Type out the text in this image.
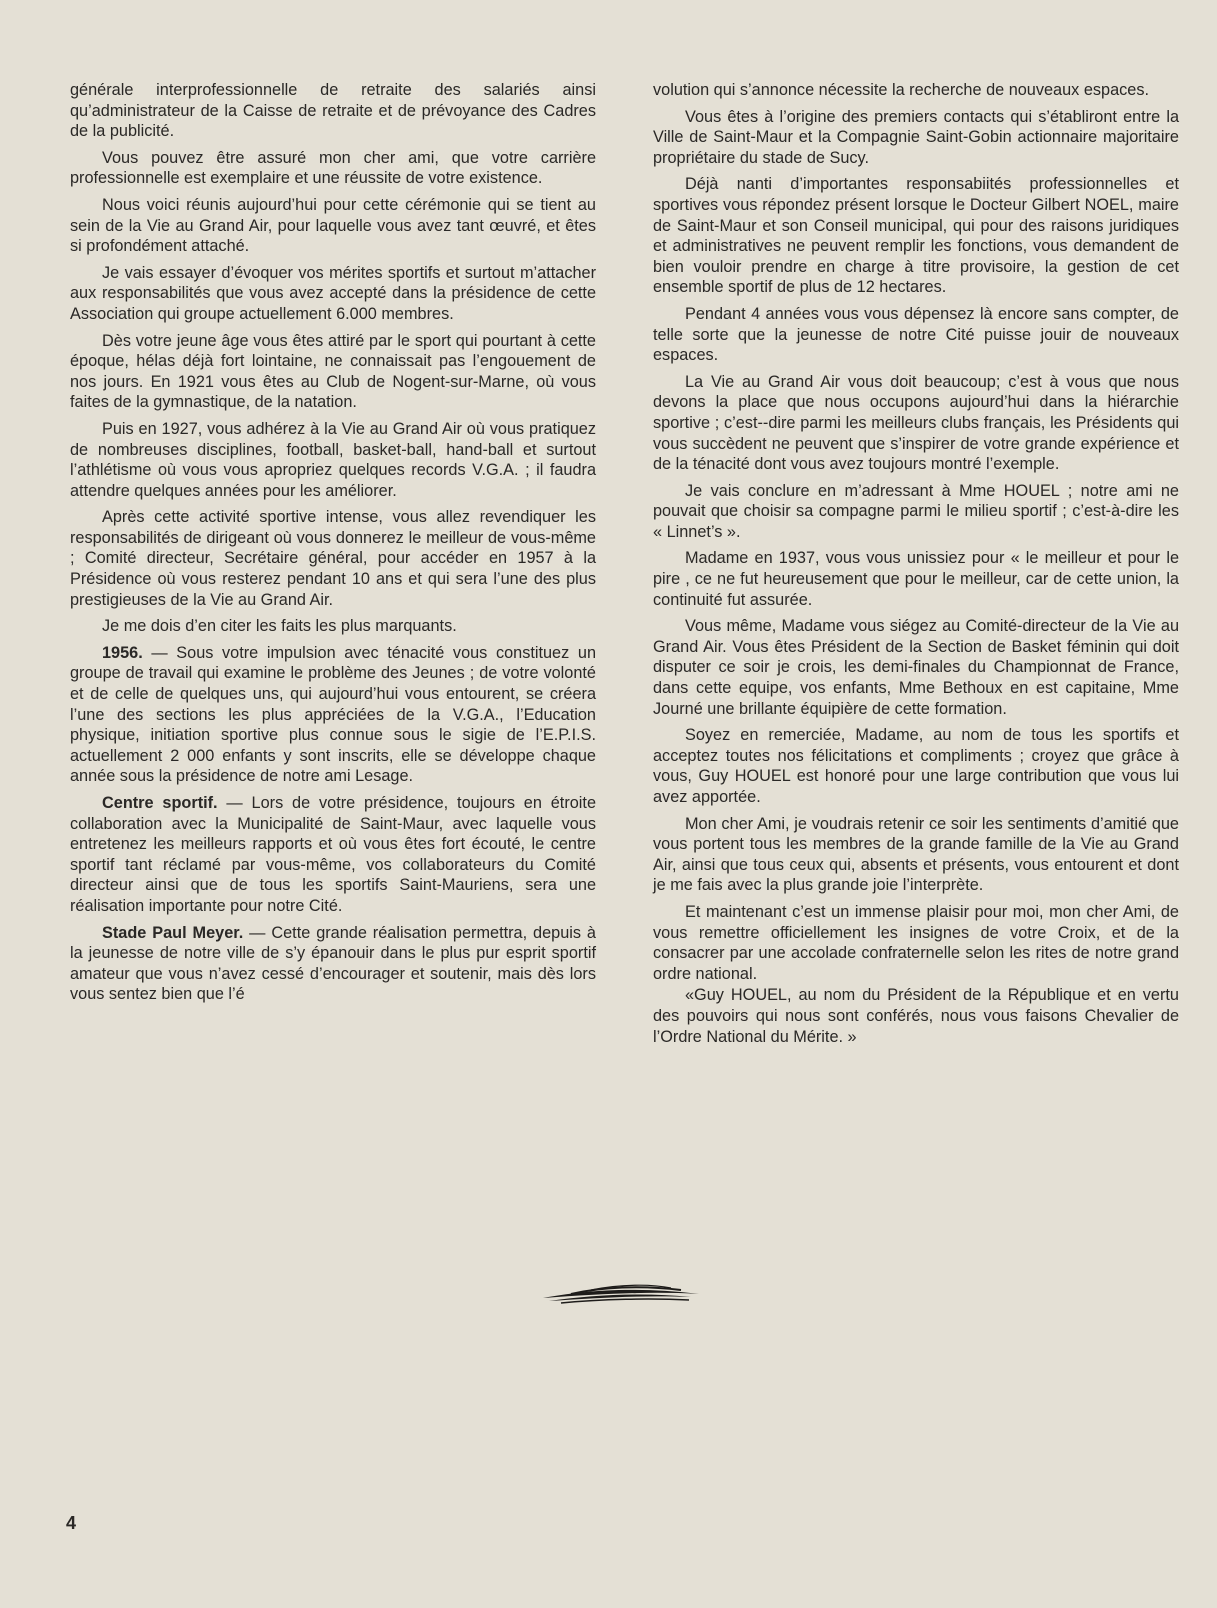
générale interprofessionnelle de retraite des salariés ainsi qu’administrateur de la Caisse de retraite et de prévoyance des Cadres de la publicité.

Vous pouvez être assuré mon cher ami, que votre carrière professionnelle est exemplaire et une réussite de votre existence.

Nous voici réunis aujourd’hui pour cette cérémonie qui se tient au sein de la Vie au Grand Air, pour laquelle vous avez tant œuvré, et êtes si profondément attaché.

Je vais essayer d’évoquer vos mérites sportifs et surtout m’attacher aux responsabilités que vous avez accepté dans la présidence de cette Association qui groupe actuellement 6.000 membres.

Dès votre jeune âge vous êtes attiré par le sport qui pourtant à cette époque, hélas déjà fort lointaine, ne connaissait pas l’engouement de nos jours. En 1921 vous êtes au Club de Nogent-sur-Marne, où vous faites de la gymnastique, de la natation.

Puis en 1927, vous adhérez à la Vie au Grand Air où vous pratiquez de nombreuses disciplines, football, basket-ball, hand-ball et surtout l’athlétisme où vous vous apropriez quelques records V.G.A. ; il faudra attendre quelques années pour les améliorer.

Après cette activité sportive intense, vous allez revendiquer les responsabilités de dirigeant où vous donnerez le meilleur de vous-même ; Comité directeur, Secrétaire général, pour accéder en 1957 à la Présidence où vous resterez pendant 10 ans et qui sera l’une des plus prestigieuses de la Vie au Grand Air.

Je me dois d’en citer les faits les plus marquants.

1956. — Sous votre impulsion avec ténacité vous constituez un groupe de travail qui examine le problème des Jeunes ; de votre volonté et de celle de quelques uns, qui aujourd’hui vous entourent, se créera l’une des sections les plus appréciées de la V.G.A., l’Education physique, initiation sportive plus connue sous le sigie de l’E.P.I.S. actuellement 2 000 enfants y sont inscrits, elle se développe chaque année sous la présidence de notre ami Lesage.

Centre sportif. — Lors de votre présidence, toujours en étroite collaboration avec la Municipalité de Saint-Maur, avec laquelle vous entretenez les meilleurs rapports et où vous êtes fort écouté, le centre sportif tant réclamé par vous-même, vos collaborateurs du Comité directeur ainsi que de tous les sportifs Saint-Mauriens, sera une réalisation importante pour notre Cité.

Stade Paul Meyer. — Cette grande réalisation permettra, depuis à la jeunesse de notre ville de s’y épanouir dans le plus pur esprit sportif amateur que vous n’avez cessé d’encourager et soutenir, mais dès lors vous sentez bien que l’é

volution qui s’annonce nécessite la recherche de nouveaux espaces.

Vous êtes à l’origine des premiers contacts qui s’établiront entre la Ville de Saint-Maur et la Compagnie Saint-Gobin actionnaire majoritaire propriétaire du stade de Sucy.

Déjà nanti d’importantes responsabiités professionnelles et sportives vous répondez présent lorsque le Docteur Gilbert NOEL, maire de Saint-Maur et son Conseil municipal, qui pour des raisons juridiques et administratives ne peuvent remplir les fonctions, vous demandent de bien vouloir prendre en charge à titre provisoire, la gestion de cet ensemble sportif de plus de 12 hectares.

Pendant 4 années vous vous dépensez là encore sans compter, de telle sorte que la jeunesse de notre Cité puisse jouir de nouveaux espaces.

La Vie au Grand Air vous doit beaucoup; c’est à vous que nous devons la place que nous occupons aujourd’hui dans la hiérarchie sportive ; c’est--dire parmi les meilleurs clubs français, les Présidents qui vous succèdent ne peuvent que s’inspirer de votre grande expérience et de la ténacité dont vous avez toujours montré l’exemple.

Je vais conclure en m’adressant à Mme HOUEL ; notre ami ne pouvait que choisir sa compagne parmi le milieu sportif ; c’est-à-dire les « Linnet’s ».

Madame en 1937, vous vous unissiez pour « le meilleur et pour le pire , ce ne fut heureusement que pour le meilleur, car de cette union, la continuité fut assurée.

Vous même, Madame vous siégez au Comité-directeur de la Vie au Grand Air. Vous êtes Président de la Section de Basket féminin qui doit disputer ce soir je crois, les demi-finales du Championnat de France, dans cette equipe, vos enfants, Mme Bethoux en est capitaine, Mme Journé une brillante équipière de cette formation.

Soyez en remerciée, Madame, au nom de tous les sportifs et acceptez toutes nos félicitations et compliments ; croyez que grâce à vous, Guy HOUEL est honoré pour une large contribution que vous lui avez apportée.

Mon cher Ami, je voudrais retenir ce soir les sentiments d’amitié que vous portent tous les membres de la grande famille de la Vie au Grand Air, ainsi que tous ceux qui, absents et présents, vous entourent et dont je me fais avec la plus grande joie l’interprète.

Et maintenant c’est un immense plaisir pour moi, mon cher Ami, de vous remettre officiellement les insignes de votre Croix, et de la consacrer par une accolade confraternelle selon les rites de notre grand ordre national.

«Guy HOUEL, au nom du Président de la République et en vertu des pouvoirs qui nous sont conférés, nous vous faisons Chevalier de l’Ordre National du Mérite. »

4
